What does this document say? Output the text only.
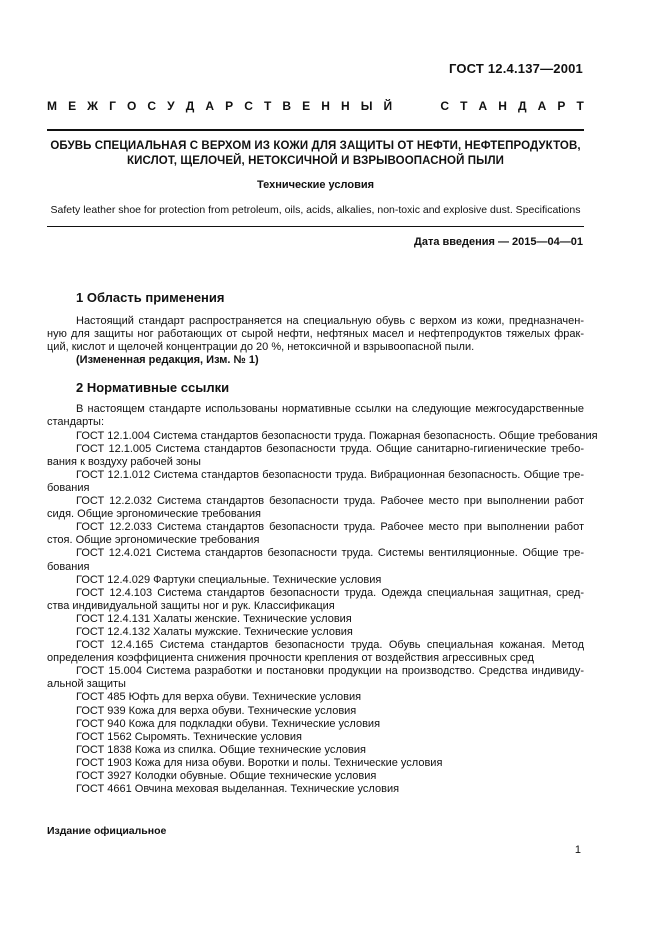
ГОСТ 12.4.137—2001
М Е Ж Г О С У Д А Р С Т В Е Н Н Ы Й	С Т А Н Д А Р Т
ОБУВЬ СПЕЦИАЛЬНАЯ С ВЕРХОМ ИЗ КОЖИ ДЛЯ ЗАЩИТЫ ОТ НЕФТИ, НЕФТЕПРОДУКТОВ,
КИСЛОТ, ЩЕЛОЧЕЙ, НЕТОКСИЧНОЙ И ВЗРЫВООПАСНОЙ ПЫЛИ
Технические условия
Safety leather shoe for protection from petroleum, oils, acids, alkalies, non-toxic and explosive dust. Specifications
Дата введения — 2015—04—01
1 Область применения
Настоящий стандарт распространяется на специальную обувь с верхом из кожи, предназначен-
ную для защиты ног работающих от сырой нефти, нефтяных масел и нефтепродуктов тяжелых фрак-
ций, кислот и щелочей концентрации до 20 %, нетоксичной и взрывоопасной пыли.
(Измененная редакция, Изм. № 1)
2 Нормативные ссылки
В настоящем стандарте использованы нормативные ссылки на следующие межгосударственные
стандарты:
ГОСТ 12.1.004 Система стандартов безопасности труда. Пожарная безопасность. Общие требования
ГОСТ 12.1.005 Система стандартов безопасности труда. Общие санитарно-гигиенические требо-
вания к воздуху рабочей зоны
ГОСТ 12.1.012 Система стандартов безопасности труда. Вибрационная безопасность. Общие тре-
бования
ГОСТ 12.2.032 Система стандартов безопасности труда. Рабочее место при выполнении работ
сидя. Общие эргономические требования
ГОСТ 12.2.033 Система стандартов безопасности труда. Рабочее место при выполнении работ
стоя. Общие эргономические требования
ГОСТ 12.4.021 Система стандартов безопасности труда. Системы вентиляционные. Общие тре-
бования
ГОСТ 12.4.029 Фартуки специальные. Технические условия
ГОСТ 12.4.103 Система стандартов безопасности труда. Одежда специальная защитная, сред-
ства индивидуальной защиты ног и рук. Классификация
ГОСТ 12.4.131 Халаты женские. Технические условия
ГОСТ 12.4.132 Халаты мужские. Технические условия
ГОСТ 12.4.165 Система стандартов безопасности труда. Обувь специальная кожаная. Метод
определения коэффициента снижения прочности крепления от воздействия агрессивных сред
ГОСТ 15.004 Система разработки и постановки продукции на производство. Средства индивиду-
альной защиты
ГОСТ 485 Юфть для верха обуви. Технические условия
ГОСТ 939 Кожа для верха обуви. Технические условия
ГОСТ 940 Кожа для подкладки обуви. Технические условия
ГОСТ 1562 Сыромять. Технические условия
ГОСТ 1838 Кожа из спилка. Общие технические условия
ГОСТ 1903 Кожа для низа обуви. Воротки и полы. Технические условия
ГОСТ 3927 Колодки обувные. Общие технические условия
ГОСТ 4661 Овчина меховая выделанная. Технические условия
Издание официальное
1
